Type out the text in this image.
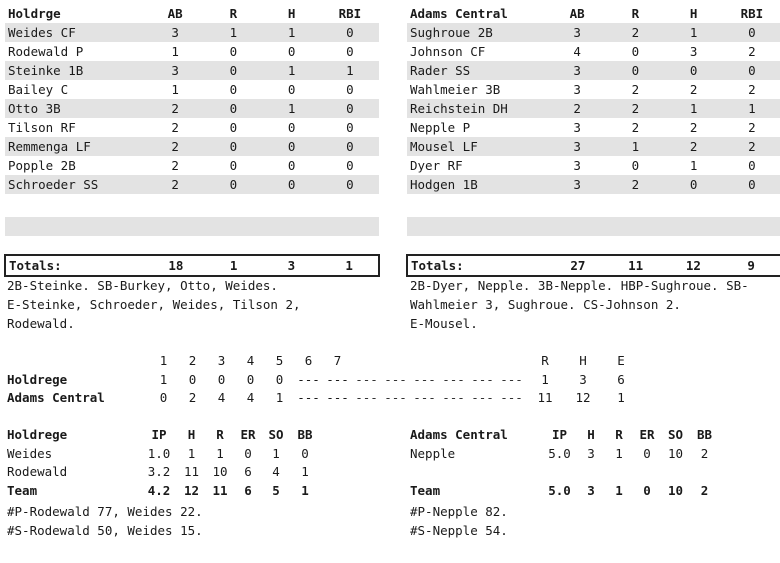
Holdrge	AB	R	H	RBI
Weides CF	3	1	1	0
Rodewald P	1	0	0	0
Steinke 1B	3	0	1	1
Bailey C	1	0	0	0
Otto 3B	2	0	1	0
Tilson RF	2	0	0	0
Remmenga LF	2	0	0	0
Popple 2B	2	0	0	0
Schroeder SS	2	0	0	0
Totals:	18	1	3	1
2B-Steinke. SB-Burkey, Otto, Weides.
E-Steinke, Schroeder, Weides, Tilson 2,
Rodewald.
Adams Central	AB	R	H	RBI
Sughroue 2B	3	2	1	0
Johnson CF	4	0	3	2
Rader SS	3	0	0	0
Wahlmeier 3B	3	2	2	2
Reichstein DH	2	2	1	1
Nepple P	3	2	2	2
Mousel LF	3	1	2	2
Dyer RF	3	0	1	0
Hodgen 1B	3	2	0	0
Totals:	27	11	12	9
2B-Dyer, Nepple. 3B-Nepple. HBP-Sughroue. SB-
Wahlmeier 3, Sughroue. CS-Johnson 2.
E-Mousel.
	1	2	3	4	5	6	7							R	H	E
Holdrege	1	0	0	0	0	---	---	---	---	---	---	---	---	1	3	6
Adams Central	0	2	4	4	1	---	---	---	---	---	---	---	---	11	12	1
Holdrege	IP	H	R	ER	SO	BB
Weides	1.0	1	1	0	1	0
Rodewald	3.2	11	10	6	4	1
Team	4.2	12	11	6	5	1
#P-Rodewald 77, Weides 22.
#S-Rodewald 50, Weides 15.
Adams Central	IP	H	R	ER	SO	BB
Nepple	5.0	3	1	0	10	2

Team	5.0	3	1	0	10	2
#P-Nepple 82.
#S-Nepple 54.
